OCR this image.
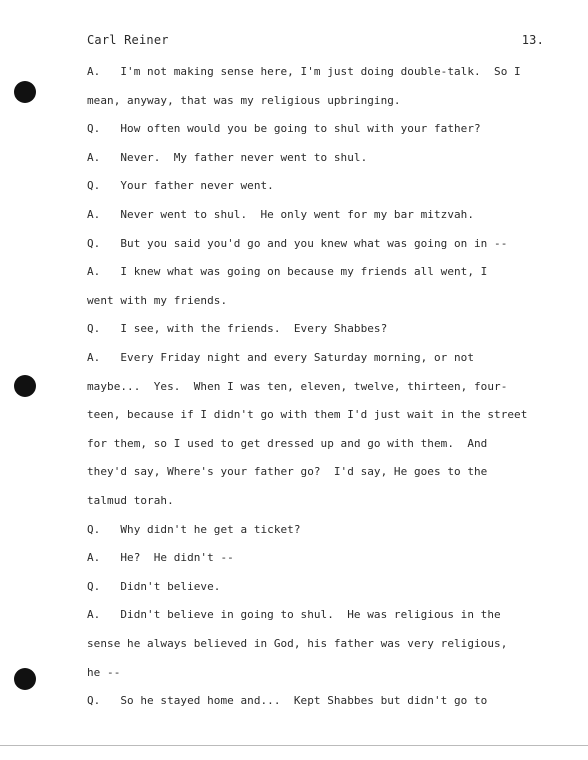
Carl Reiner	13.
A.   I'm not making sense here, I'm just doing double-talk.  So I
mean, anyway, that was my religious upbringing.
Q.   How often would you be going to shul with your father?
A.   Never.  My father never went to shul.
Q.   Your father never went.
A.   Never went to shul.  He only went for my bar mitzvah.
Q.   But you said you'd go and you knew what was going on in --
A.   I knew what was going on because my friends all went, I
went with my friends.
Q.   I see, with the friends.  Every Shabbes?
A.   Every Friday night and every Saturday morning, or not
maybe...  Yes.  When I was ten, eleven, twelve, thirteen, four-
teen, because if I didn't go with them I'd just wait in the street
for them, so I used to get dressed up and go with them.  And
they'd say, Where's your father go?  I'd say, He goes to the
talmud torah.
Q.   Why didn't he get a ticket?
A.   He?  He didn't --
Q.   Didn't believe.
A.   Didn't believe in going to shul.  He was religious in the
sense he always believed in God, his father was very religious,
he --
Q.   So he stayed home and...  Kept Shabbes but didn't go to
